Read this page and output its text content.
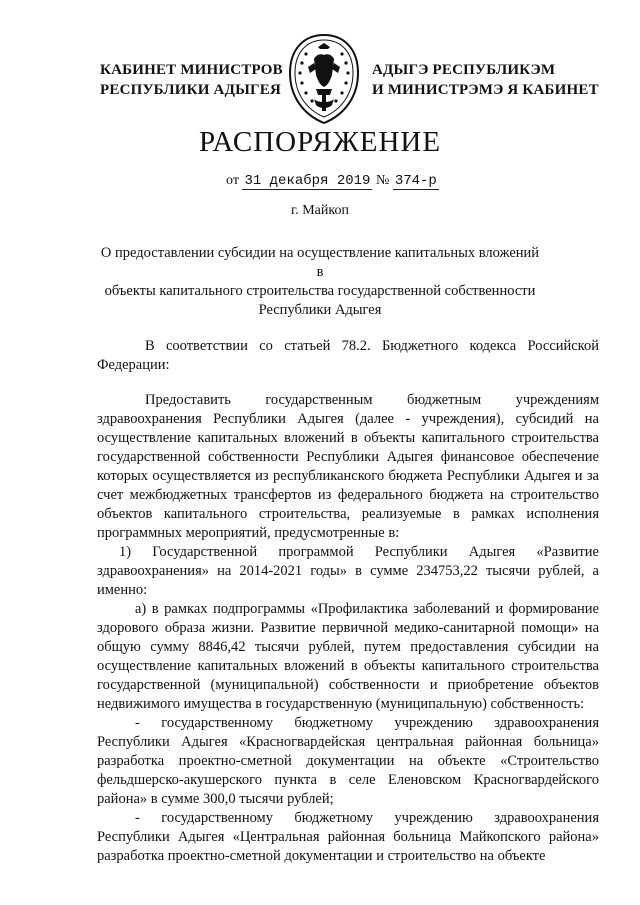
КАБИНЕТ МИНИСТРОВ
РЕСПУБЛИКИ АДЫГЕЯ
АДЫГЭ РЕСПУБЛИКЭМ
И МИНИСТРЭМЭ Я КАБИНЕТ
РАСПОРЯЖЕНИЕ
от 31 декабря 2019 № 374-р
г. Майкоп
О предоставлении субсидии на осуществление капитальных вложений в
объекты капитального строительства государственной собственности
Республики Адыгея

В соответствии со статьей 78.2. Бюджетного кодекса Российской Федерации:

Предоставить государственным бюджетным учреждениям здравоохранения Республики Адыгея (далее - учреждения), субсидий на осуществление капитальных вложений в объекты капитального строительства государственной собственности Республики Адыгея финансовое обеспечение которых осуществляется из республиканского бюджета Республики Адыгея и за счет межбюджетных трансфертов из федерального бюджета на строительство объектов капитального строительства, реализуемые в рамках исполнения программных мероприятий, предусмотренные в:

1) Государственной программой Республики Адыгея «Развитие здравоохранения» на 2014-2021 годы» в сумме 234753,22 тысячи рублей, а именно:

а) в рамках подпрограммы «Профилактика заболеваний и формирование здорового образа жизни. Развитие первичной медико-санитарной помощи» на общую сумму 8846,42 тысячи рублей, путем предоставления субсидии на осуществление капитальных вложений в объекты капитального строительства государственной (муниципальной) собственности и приобретение объектов недвижимого имущества в государственную (муниципальную) собственность:

- государственному бюджетному учреждению здравоохранения Республики Адыгея «Красногвардейская центральная районная больница» разработка проектно-сметной документации на объекте «Строительство фельдшерско-акушерского пункта в селе Еленовском Красногвардейского района» в сумме 300,0 тысячи рублей;

- государственному бюджетному учреждению здравоохранения Республики Адыгея «Центральная районная больница Майкопского района» разработка проектно-сметной документации и строительство на объекте
